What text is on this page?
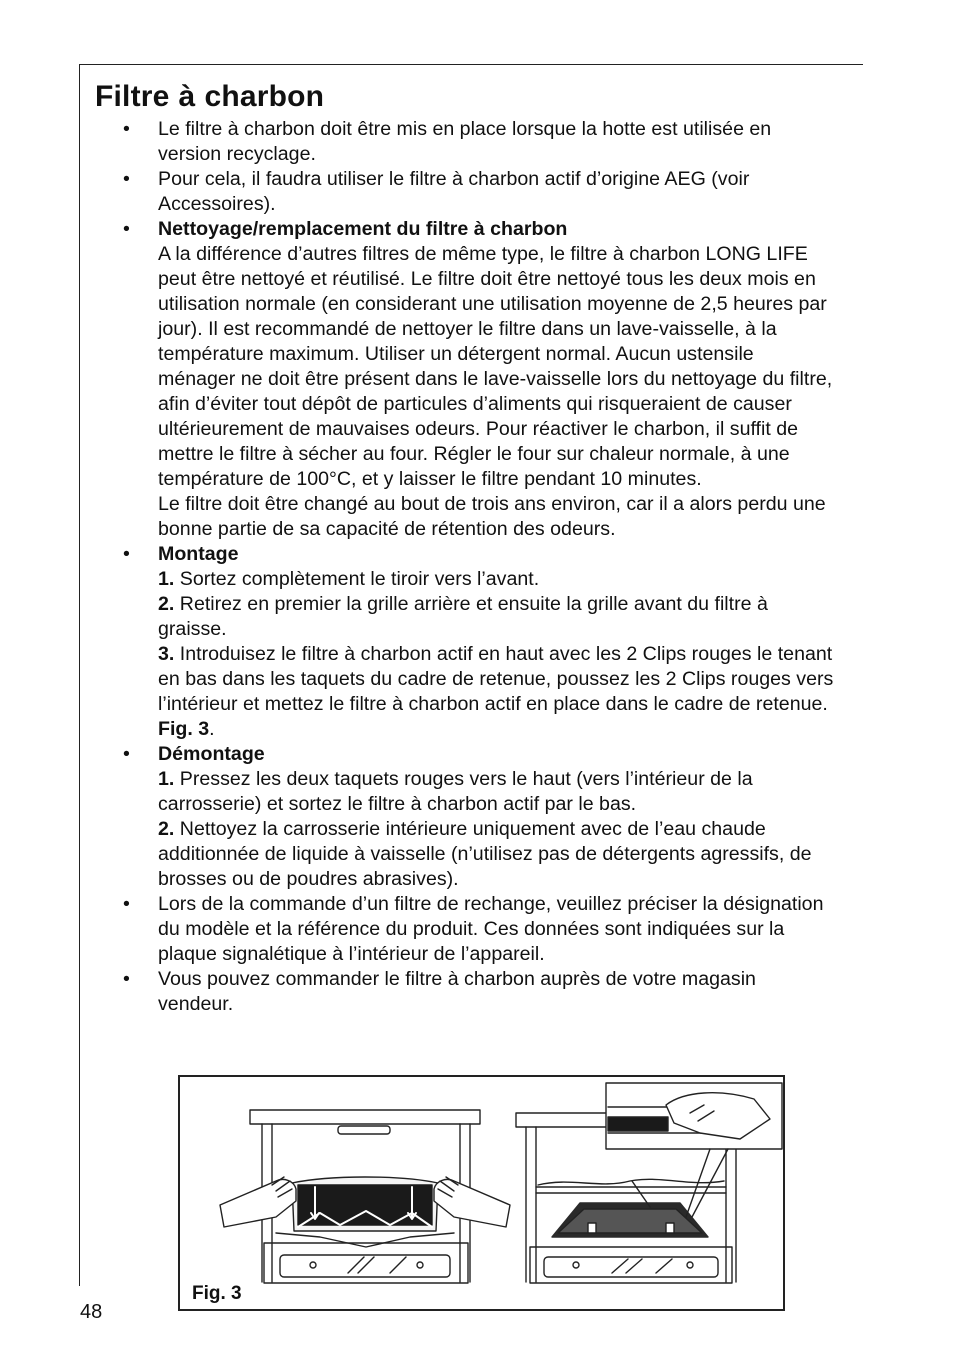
Filtre à charbon
• Le filtre à charbon doit être mis en place lorsque la hotte est utilisée en version recyclage.

• Pour cela, il faudra utiliser le filtre à charbon actif d’origine AEG (voir Accessoires).

• Nettoyage/remplacement du filtre à charbon

A la différence d’autres filtres de même type, le filtre à charbon LONG LIFE peut être nettoyé et réutilisé. Le filtre doit être nettoyé tous les deux mois en utilisation normale (en considerant une utilisation moyenne de 2,5 heures par jour). Il est recommandé de nettoyer le filtre dans un lave-vaisselle, à la température maximum. Utiliser un détergent normal. Aucun ustensile ménager ne doit être présent dans le lave-vaisselle lors du nettoyage du filtre, afin d’éviter tout dépôt de particules d’aliments qui risqueraient de causer ultérieurement de mauvaises odeurs. Pour réactiver le charbon, il suffit de mettre le filtre à sécher au four. Régler le four sur chaleur normale, à une température de 100°C, et y laisser le filtre pendant 10 minutes.

Le filtre doit être changé au bout de trois ans environ, car il a alors perdu une bonne partie de sa capacité de rétention des odeurs.

• Montage

1. Sortez complètement le tiroir vers l’avant.

2. Retirez en premier la grille arrière et ensuite la grille avant du filtre à graisse.

3. Introduisez le filtre à charbon actif en haut avec les 2 Clips rouges le tenant en bas dans les taquets du cadre de retenue, poussez les 2 Clips rouges vers l’intérieur et mettez le filtre à charbon actif en place dans le cadre de retenue. Fig. 3.

• Démontage

1. Pressez les deux taquets rouges vers le haut (vers l’intérieur de la carrosserie) et sortez le filtre à charbon actif par le bas.

2. Nettoyez la carrosserie intérieure uniquement avec de l’eau chaude additionnée de liquide à vaisselle (n’utilisez pas de détergents agressifs, de brosses ou de poudres abrasives).

• Lors de la commande d’un filtre de rechange, veuillez préciser la désignation du modèle et la référence du produit. Ces données sont indiquées sur la plaque signalétique à l’intérieur de l’appareil.

• Vous pouvez commander le filtre à charbon auprès de votre magasin vendeur.

Fig. 3
48
